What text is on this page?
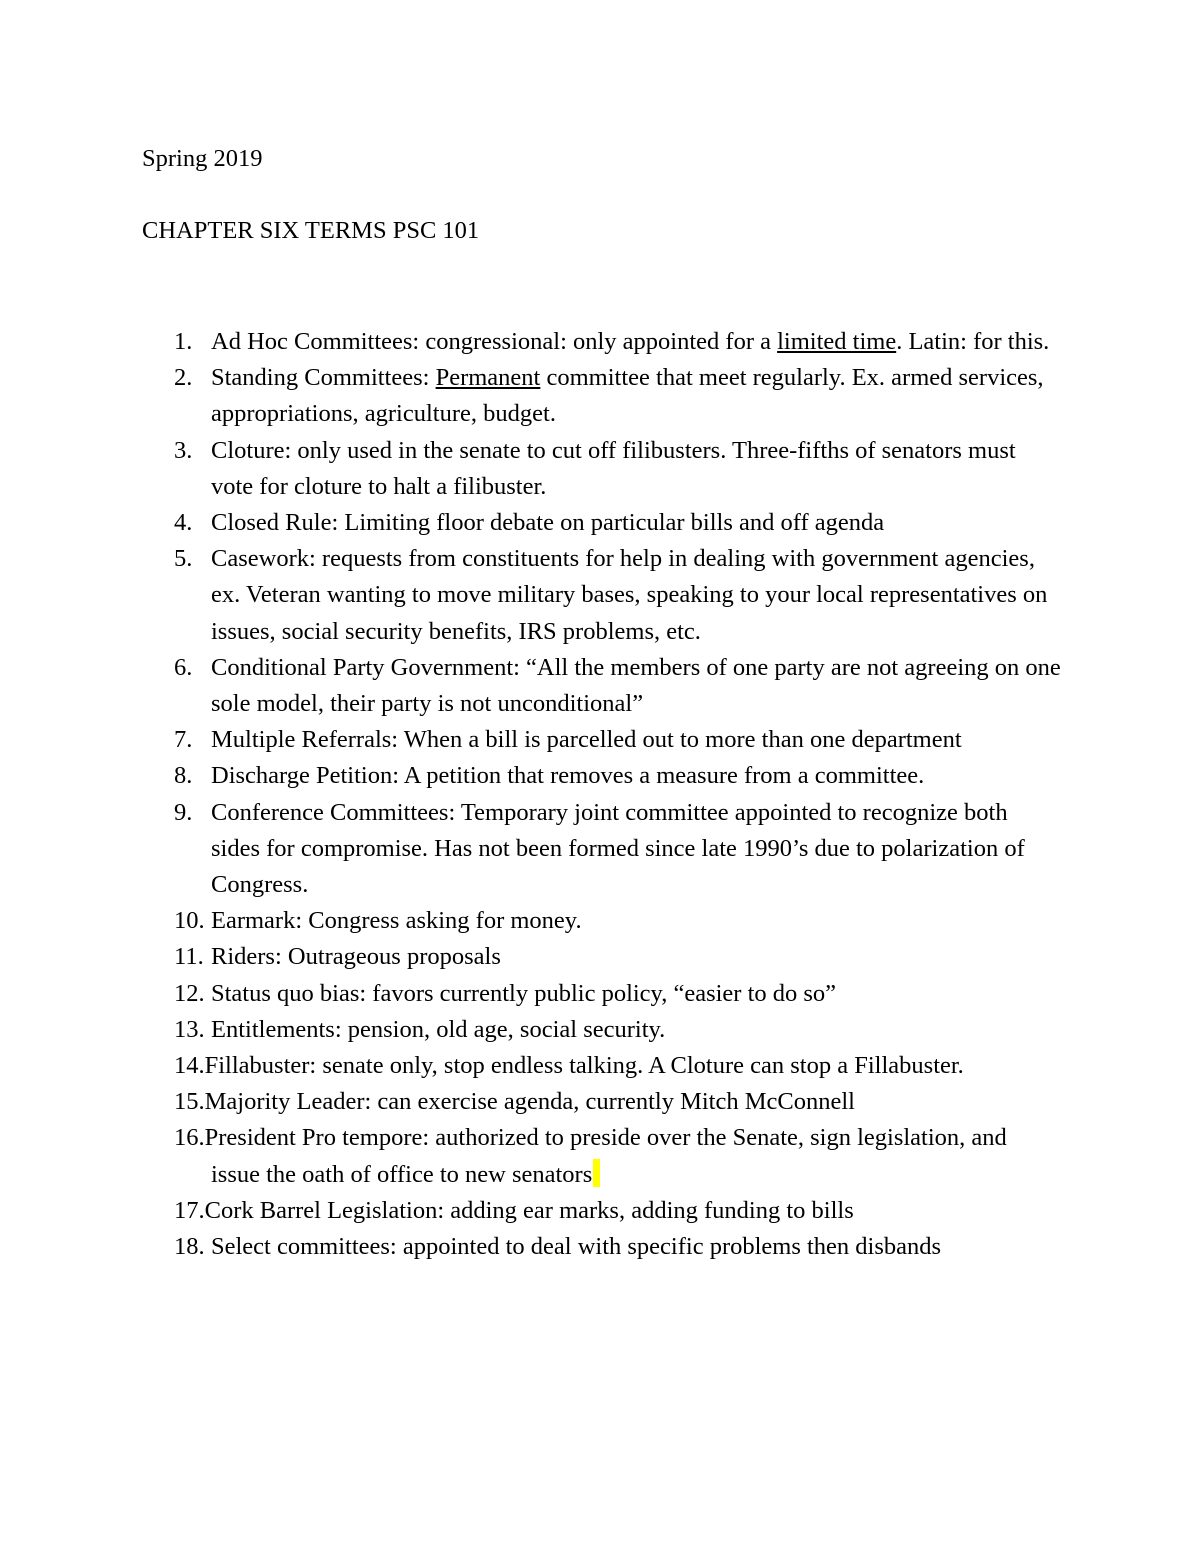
Spring 2019
CHAPTER SIX TERMS PSC 101
1. Ad Hoc Committees: congressional: only appointed for a limited time. Latin: for this.
2. Standing Committees: Permanent committee that meet regularly. Ex. armed services, appropriations, agriculture, budget.
3. Cloture: only used in the senate to cut off filibusters. Three-fifths of senators must vote for cloture to halt a filibuster.
4. Closed Rule: Limiting floor debate on particular bills and off agenda
5. Casework: requests from constituents for help in dealing with government agencies, ex. Veteran wanting to move military bases, speaking to your local representatives on issues, social security benefits, IRS problems, etc.
6. Conditional Party Government: “All the members of one party are not agreeing on one sole model, their party is not unconditional”
7. Multiple Referrals: When a bill is parcelled out to more than one department
8. Discharge Petition: A petition that removes a measure from a committee.
9. Conference Committees: Temporary joint committee appointed to recognize both sides for compromise. Has not been formed since late 1990’s due to polarization of Congress.
10. Earmark: Congress asking for money.
11. Riders: Outrageous proposals
12. Status quo bias: favors currently public policy, “easier to do so”
13. Entitlements: pension, old age, social security.
14.Fillabuster: senate only, stop endless talking. A Cloture can stop a Fillabuster.
15.Majority Leader: can exercise agenda, currently Mitch McConnell
16.President Pro tempore: authorized to preside over the Senate, sign legislation, and issue the oath of office to new senators
17.Cork Barrel Legislation: adding ear marks, adding funding to bills
18. Select committees: appointed to deal with specific problems then disbands
